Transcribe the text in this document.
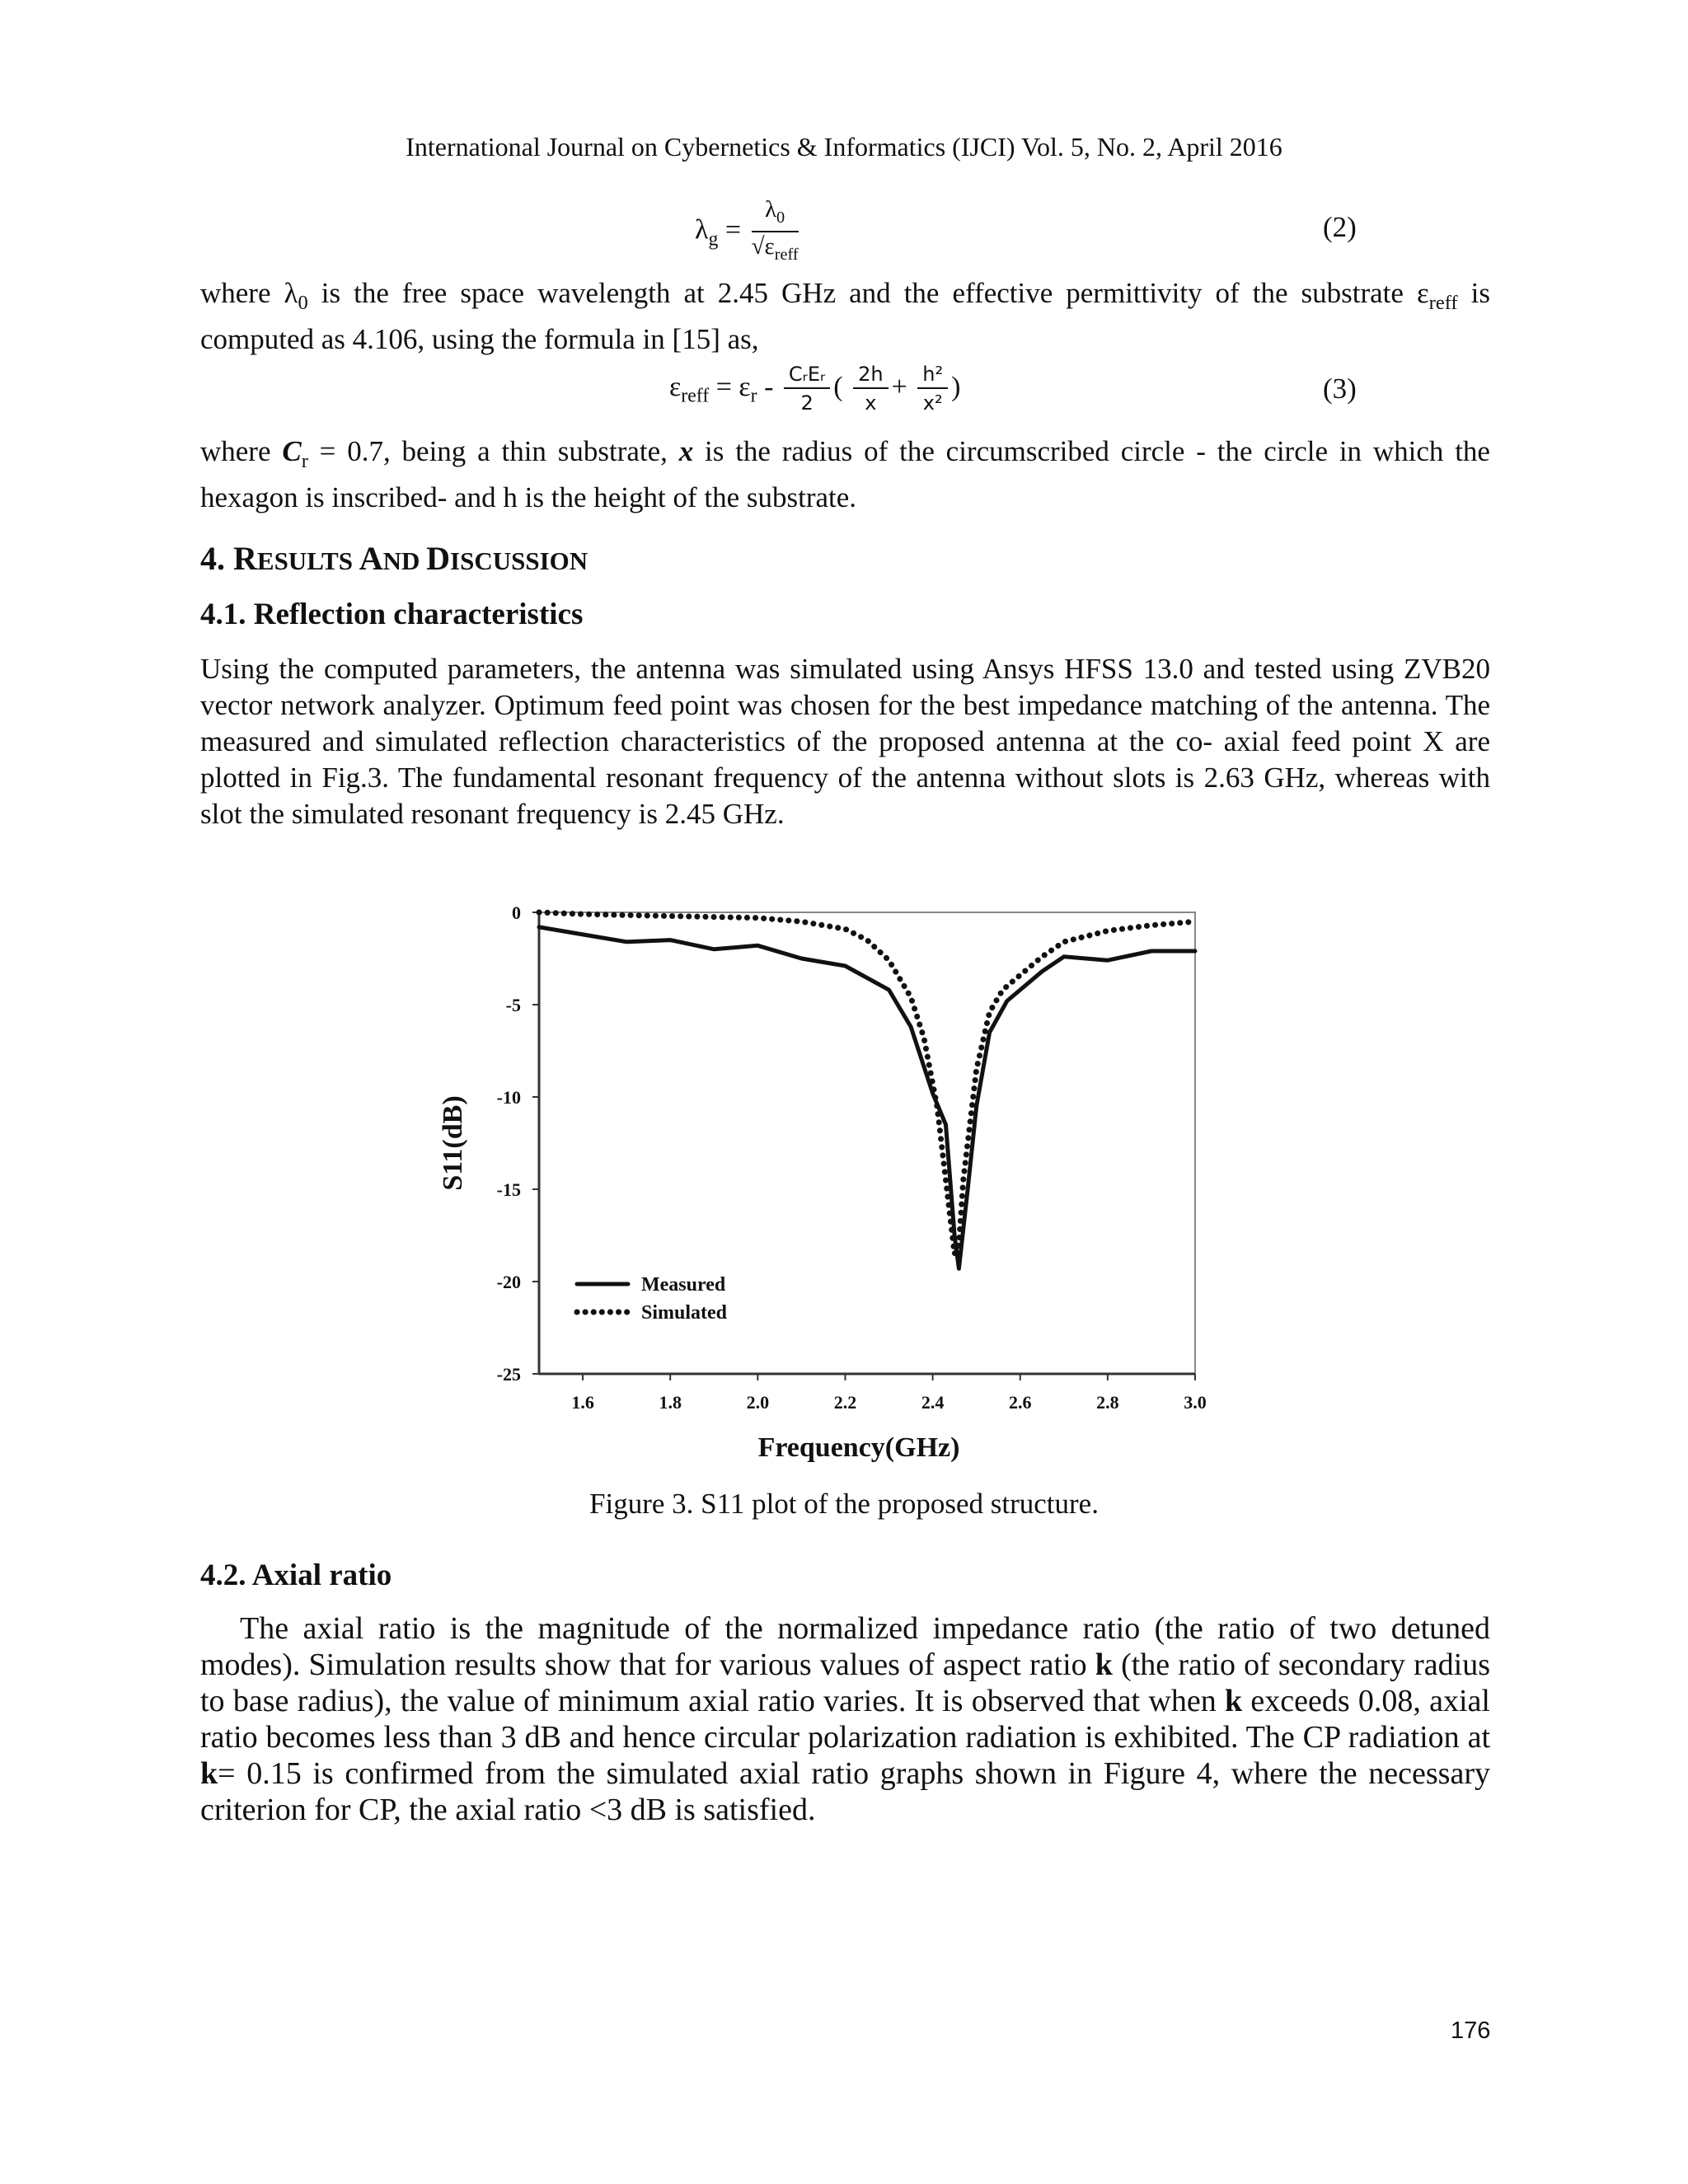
International Journal on Cybernetics & Informatics (IJCI) Vol. 5, No. 2, April 2016
$\lambda_g = \frac{\lambda_0}{√\varepsilon_{reff}}$	(2)
where $\lambda_0$ is the free space wavelength at 2.45 GHz and the effective permittivity of the substrate $\varepsilon_{reff}$ is computed as 4.106, using the formula in [15] as,
$\varepsilon_{reff} = \varepsilon_r - \frac{\text{CᵣEᵣ}}{2}$ ( $\frac{2h}{x} + \frac{\text{h²}}{\text{x²}}$ )	(3)
where $C_r = 0.7$, being a thin substrate, x is the radius of the circumscribed circle - the circle in which the hexagon is inscribed- and h is the height of the substrate.
4. RESULTS AND DISCUSSION
4.1. Reflection characteristics
Using the computed parameters, the antenna was simulated using Ansys HFSS 13.0 and tested using ZVB20 vector network analyzer. Optimum feed point was chosen for the best impedance matching of the antenna. The measured and simulated reflection characteristics of the proposed antenna at the co- axial feed point X are plotted in Fig.3. The fundamental resonant frequency of the antenna without slots is 2.63 GHz, whereas with slot the simulated resonant frequency is 2.45 GHz.
0
-5
-10
-15
-20
-25
1.6	1.8	2.0	2.2	2.4	2.6	2.8	3.0
Frequency(GHz)
S11(dB)
Measured
Simulated
Figure 3. S11 plot of the proposed structure.
4.2. Axial ratio
The axial ratio is the magnitude of the normalized impedance ratio (the ratio of two detuned modes). Simulation results show that for various values of aspect ratio k (the ratio of secondary radius to base radius), the value of minimum axial ratio varies. It is observed that when k exceeds 0.08, axial ratio becomes less than 3 dB and hence circular polarization radiation is exhibited. The CP radiation at k= 0.15 is confirmed from the simulated axial ratio graphs shown in Figure 4, where the necessary criterion for CP, the axial ratio <3 dB is satisfied.
176
